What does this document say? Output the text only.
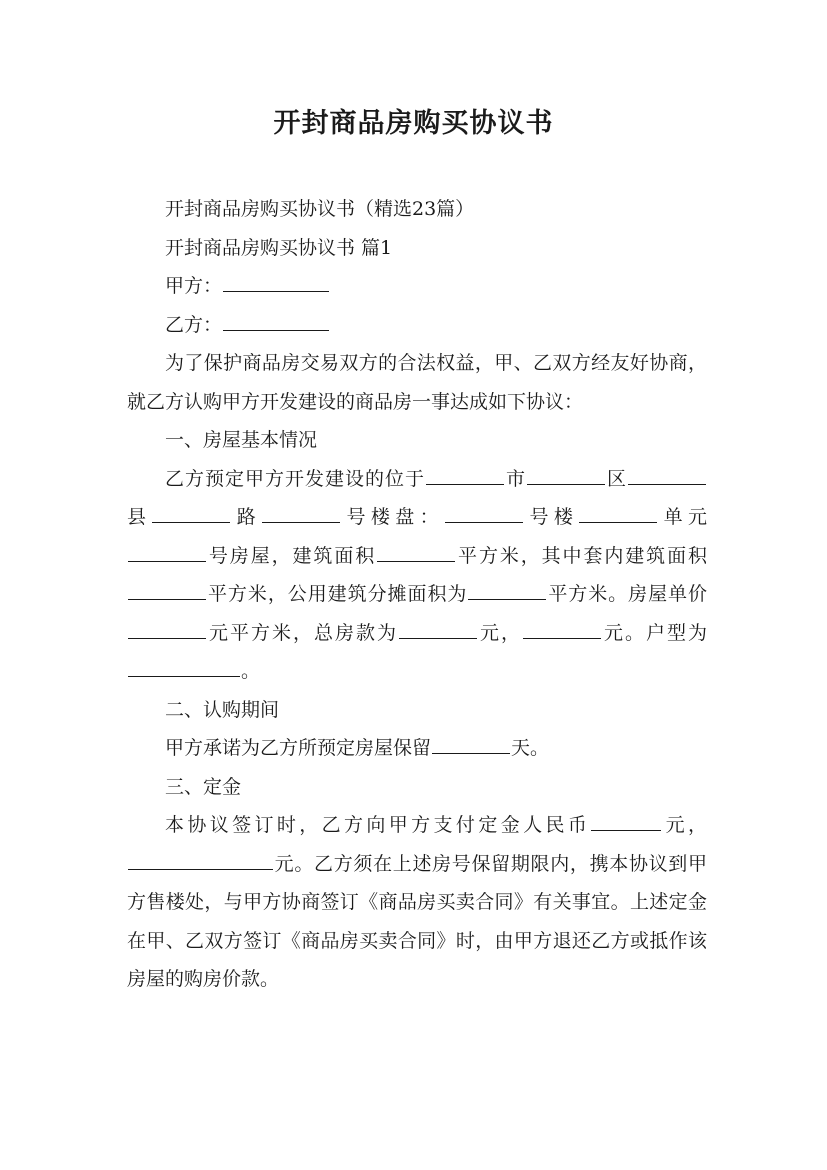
开封商品房购买协议书

开封商品房购买协议书（精选23篇）

开封商品房购买协议书 篇1

甲方：

乙方：

为了保护商品房交易双方的合法权益，甲、乙双方经友好协商，就乙方认购甲方开发建设的商品房一事达成如下协议：

一、房屋基本情况

乙方预定甲方开发建设的位于	市	区县	路	号楼盘：	号楼	单元号房屋，建筑面积	平方米，其中套内建筑面积平方米，公用建筑分摊面积为	平方米。房屋单价元平方米，总房款为	元，	元。户型为。

二、认购期间

甲方承诺为乙方所预定房屋保留	天。

三、定金

本协议签订时，乙方向甲方支付定金人民币	元，元。乙方须在上述房号保留期限内，携本协议到甲方售楼处，与甲方协商签订《商品房买卖合同》有关事宜。上述定金在甲、乙双方签订《商品房买卖合同》时，由甲方退还乙方或抵作该房屋的购房价款。
